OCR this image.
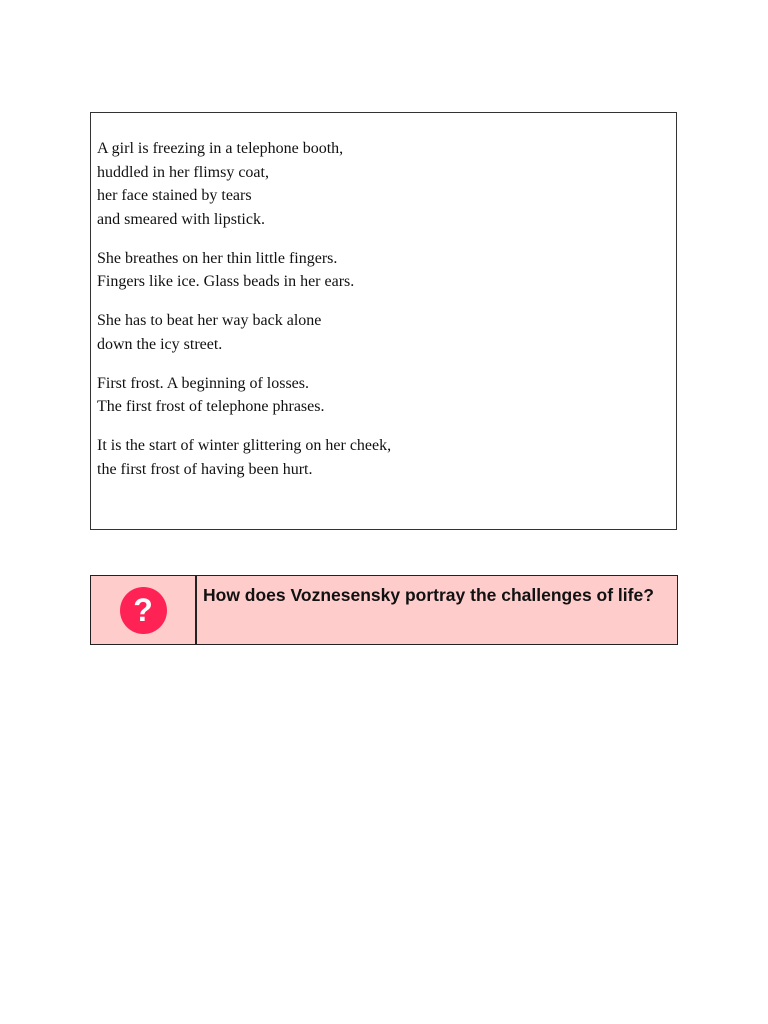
A girl is freezing in a telephone booth,
huddled in her flimsy coat,
her face stained by tears
and smeared with lipstick.
She breathes on her thin little fingers.
Fingers like ice. Glass beads in her ears.
She has to beat her way back alone
down the icy street.
First frost. A beginning of losses.
The first frost of telephone phrases.
It is the start of winter glittering on her cheek,
the first frost of having been hurt.
?	How does Voznesensky portray the challenges of life?
